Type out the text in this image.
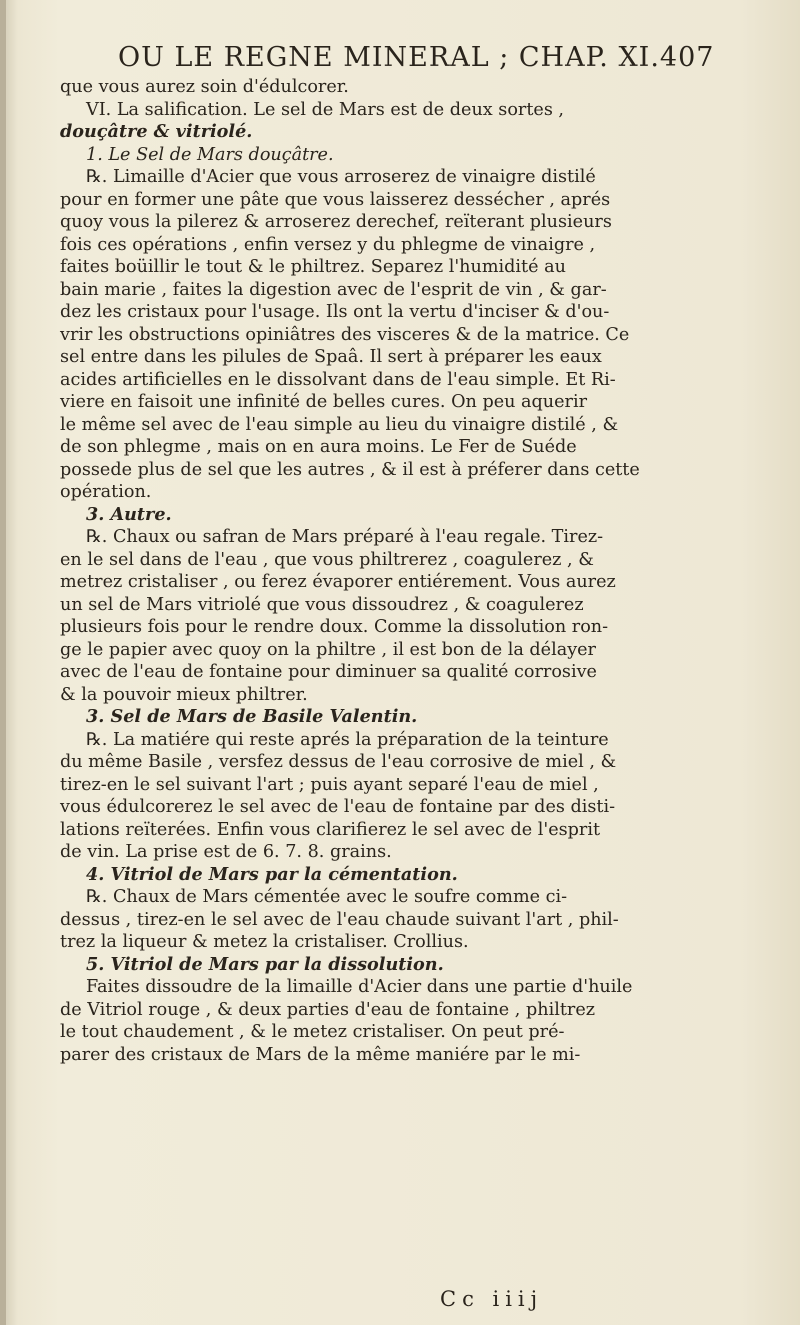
OU LE REGNE MINERAL ; CHAP. XI. 407
que vous aurez soin d'édulcorer.
VI. La salification. Le sel de Mars est de deux sortes ,
douçâtre & vitriolé.
1. Le Sel de Mars douçâtre.
℞. Limaille d'Acier que vous arroserez de vinaigre distilé
pour en former une pâte que vous laisserez dessécher , aprés
quoy vous la pilerez & arroserez derechef, reïterant plusieurs
fois ces opérations , enfin versez y du phlegme de vinaigre ,
faites boüillir le tout & le philtrez. Separez l'humidité au
bain marie , faites la digestion avec de l'esprit de vin , & gar-
dez les cristaux pour l'usage. Ils ont la vertu d'inciser & d'ou-
vrir les obstructions opiniâtres des visceres & de la matrice. Ce
sel entre dans les pilules de Spaâ. Il sert à préparer les eaux
acides artificielles en le dissolvant dans de l'eau simple. Et Ri-
viere en faisoit une infinité de belles cures. On peu aquerir
le même sel avec de l'eau simple au lieu du vinaigre distilé , &
de son phlegme , mais on en aura moins. Le Fer de Suéde
possede plus de sel que les autres , & il est à préferer dans cette
opération.
3. Autre.
℞. Chaux ou safran de Mars préparé à l'eau regale. Tirez-
en le sel dans de l'eau , que vous philtrerez , coagulerez , &
metrez cristaliser , ou ferez évaporer entiérement. Vous aurez
un sel de Mars vitriolé que vous dissoudrez , & coagulerez
plusieurs fois pour le rendre doux. Comme la dissolution ron-
ge le papier avec quoy on la philtre , il est bon de la délayer
avec de l'eau de fontaine pour diminuer sa qualité corrosive
& la pouvoir mieux philtrer.
3. Sel de Mars de Basile Valentin.
℞. La matiére qui reste aprés la préparation de la teinture
du même Basile , versfez dessus de l'eau corrosive de miel , &
tirez-en le sel suivant l'art ; puis ayant separé l'eau de miel ,
vous édulcorerez le sel avec de l'eau de fontaine par des disti-
lations reïterées. Enfin vous clarifierez le sel avec de l'esprit
de vin. La prise est de 6. 7. 8. grains.
4. Vitriol de Mars par la cémentation.
℞. Chaux de Mars cémentée avec le soufre comme ci-
dessus , tirez-en le sel avec de l'eau chaude suivant l'art , phil-
trez la liqueur & metez la cristaliser. Crollius.
5. Vitriol de Mars par la dissolution.
Faites dissoudre de la limaille d'Acier dans une partie d'huile
de Vitriol rouge , & deux parties d'eau de fontaine , philtrez
le tout chaudement , & le metez cristaliser. On peut pré-
parer des cristaux de Mars de la même maniére par le mi-
Cc iiij
